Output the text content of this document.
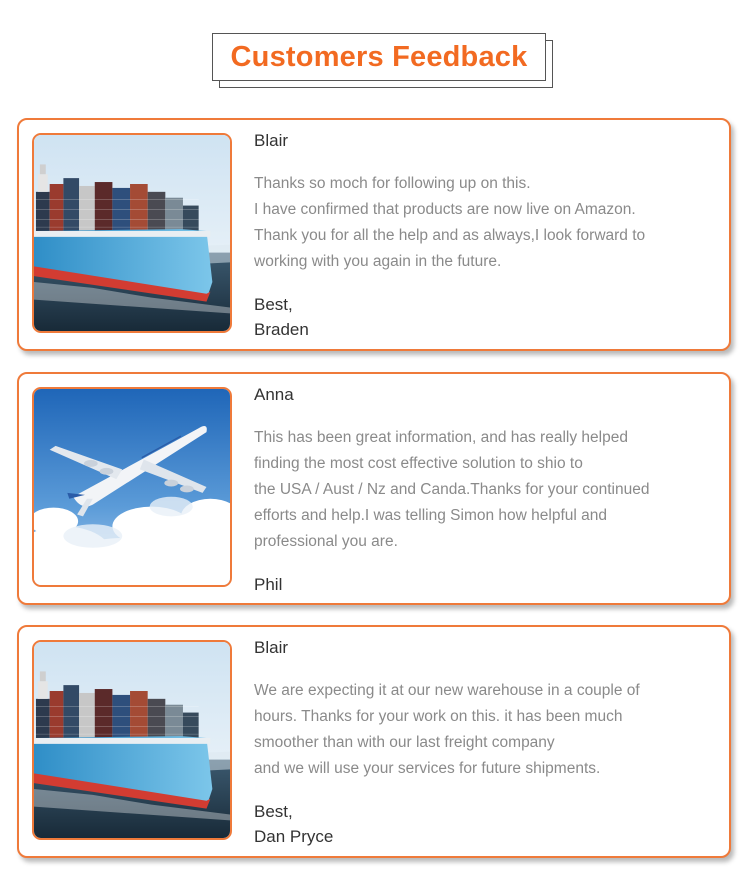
Customers Feedback
Blair
Thanks so moch for following up on this.
I have confirmed that products are now live on Amazon.
Thank you for all the help and as always,I look forward to
working with you again in the future.
Best,
Braden
Anna
This has been great information, and has really helped
finding the most cost effective solution to shio to
the USA / Aust / Nz and Canda.Thanks for your continued
efforts and help.I was telling Simon how helpful and
professional you are.
Phil
Blair
We are expecting it at our new warehouse in a couple of
hours. Thanks for your work on this. it has been much
smoother than with our last freight company
and we will use your services for future shipments.
Best,
Dan Pryce
